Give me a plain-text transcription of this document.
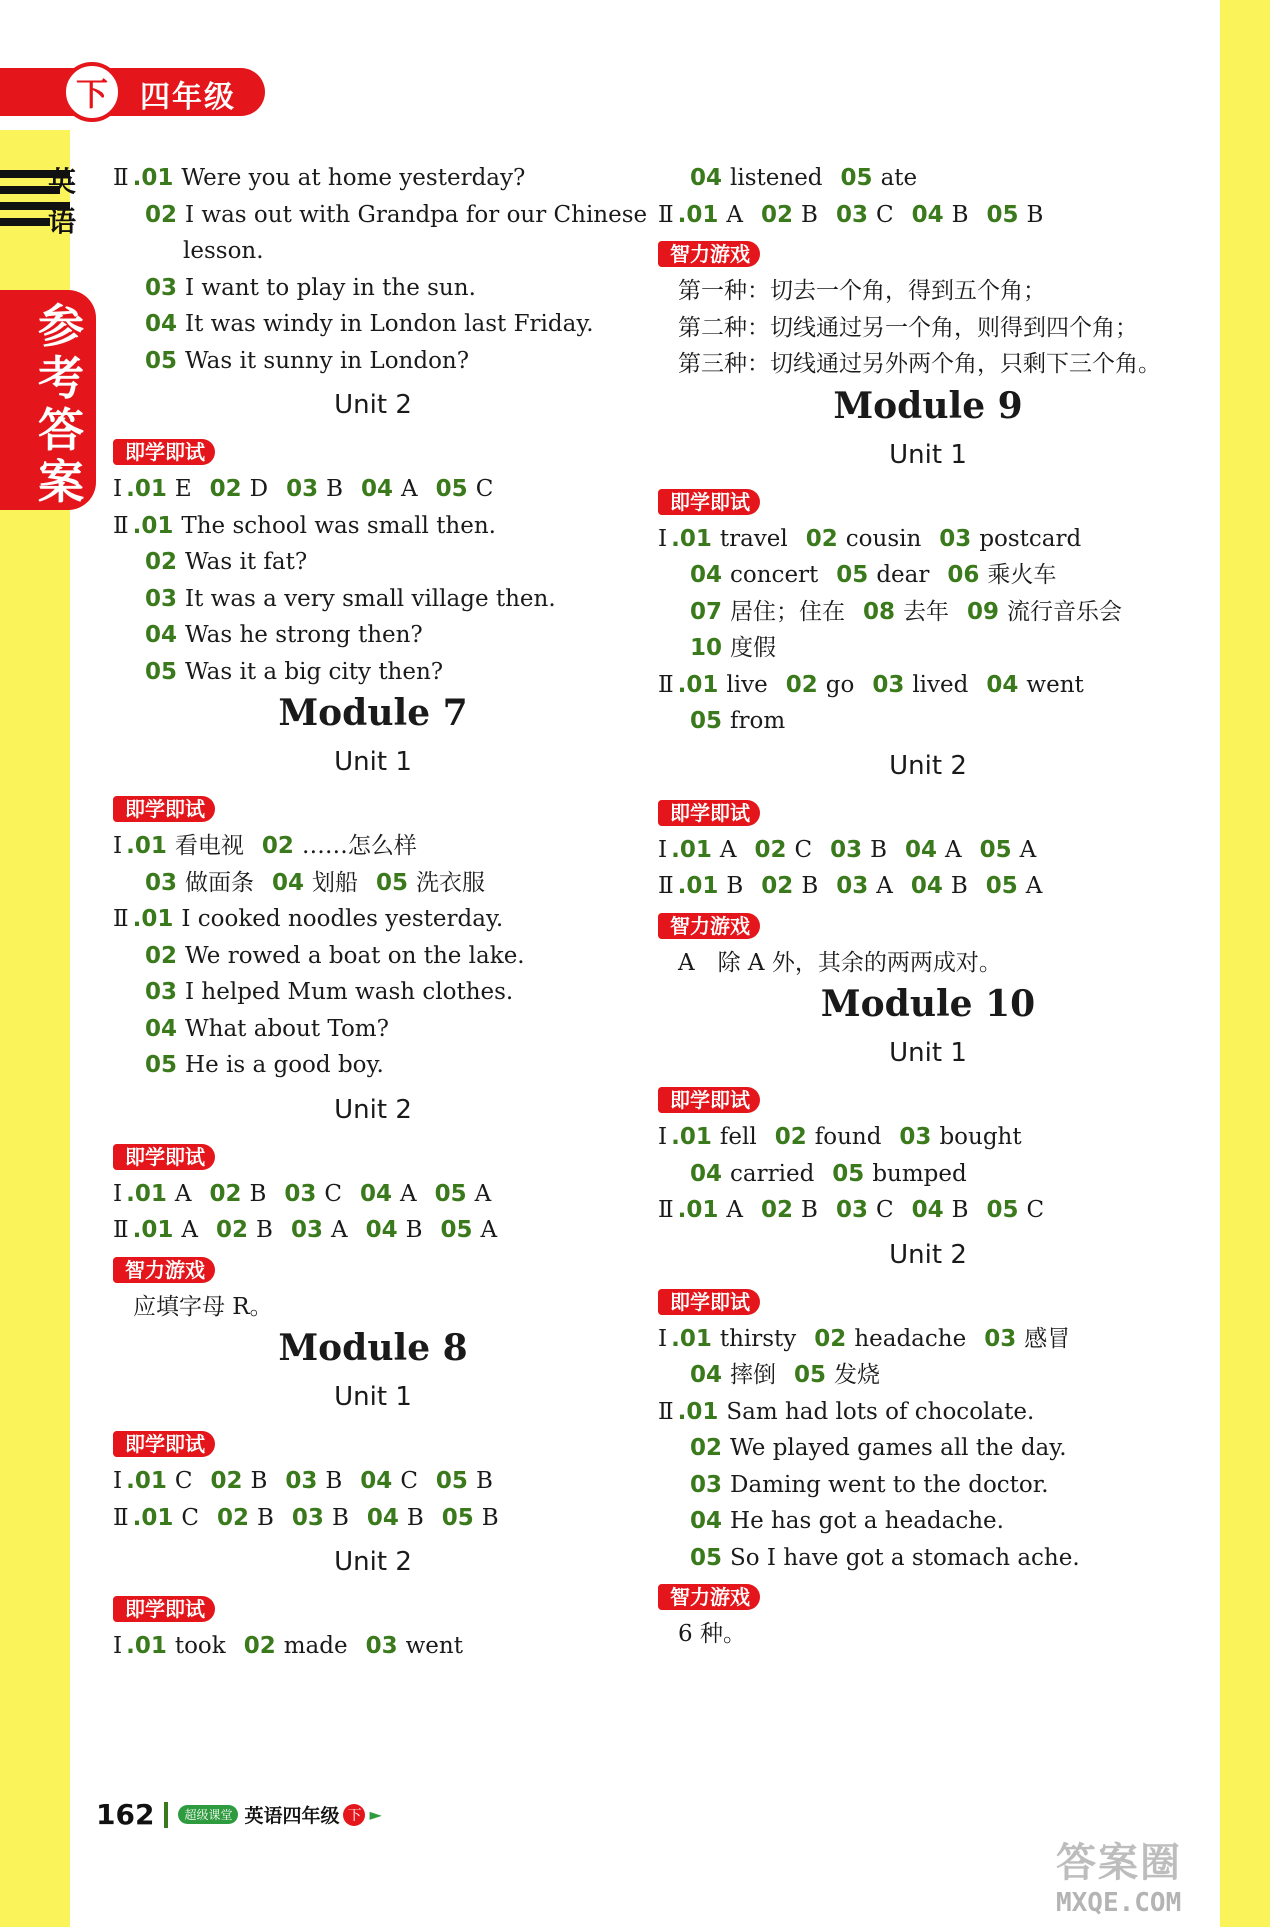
下	四年级
英
语
参考答案
Ⅱ .01 Were you at home yesterday?
02 I was out with Grandpa for our Chinese
lesson.
03 I want to play in the sun.
04 It was windy in London last Friday.
05 Was it sunny in London?
Unit 2
即学即试
Ⅰ .01 E 02 D 03 B 04 A 05 C
Ⅱ .01 The school was small then.
02 Was it fat?
03 It was a very small village then.
04 Was he strong then?
05 Was it a big city then?
Module 7
Unit 1
即学即试
Ⅰ .01 看电视 02 ……怎么样
03 做面条 04 划船 05 洗衣服
Ⅱ .01 I cooked noodles yesterday.
02 We rowed a boat on the lake.
03 I helped Mum wash clothes.
04 What about Tom?
05 He is a good boy.
Unit 2
即学即试
Ⅰ .01 A 02 B 03 C 04 A 05 A
Ⅱ .01 A 02 B 03 A 04 B 05 A
智力游戏
应填字母 R。
Module 8
Unit 1
即学即试
Ⅰ .01 C 02 B 03 B 04 C 05 B
Ⅱ .01 C 02 B 03 B 04 B 05 B
Unit 2
即学即试
Ⅰ .01 took 02 made 03 went
04 listened 05 ate
Ⅱ .01 A 02 B 03 C 04 B 05 B
智力游戏
第一种：切去一个角，得到五个角；
第二种：切线通过另一个角，则得到四个角；
第三种：切线通过另外两个角，只剩下三个角。
Module 9
Unit 1
即学即试
Ⅰ .01 travel 02 cousin 03 postcard
04 concert 05 dear 06 乘火车
07 居住；住在 08 去年 09 流行音乐会
10 度假
Ⅱ .01 live 02 go 03 lived 04 went
05 from
Unit 2
即学即试
Ⅰ .01 A 02 C 03 B 04 A 05 A
Ⅱ .01 B 02 B 03 A 04 B 05 A
智力游戏
A　除 A 外，其余的两两成对。
Module 10
Unit 1
即学即试
Ⅰ .01 fell 02 found 03 bought
04 carried 05 bumped
Ⅱ .01 A 02 B 03 C 04 B 05 C
Unit 2
即学即试
Ⅰ .01 thirsty 02 headache 03 感冒
04 摔倒 05 发烧
Ⅱ .01 Sam had lots of chocolate.
02 We played games all the day.
03 Daming went to the doctor.
04 He has got a headache.
05 So I have got a stomach ache.
智力游戏
6 种。
162	超级课堂 英语四年级 下 ►
答案圈
MXQE.COM
